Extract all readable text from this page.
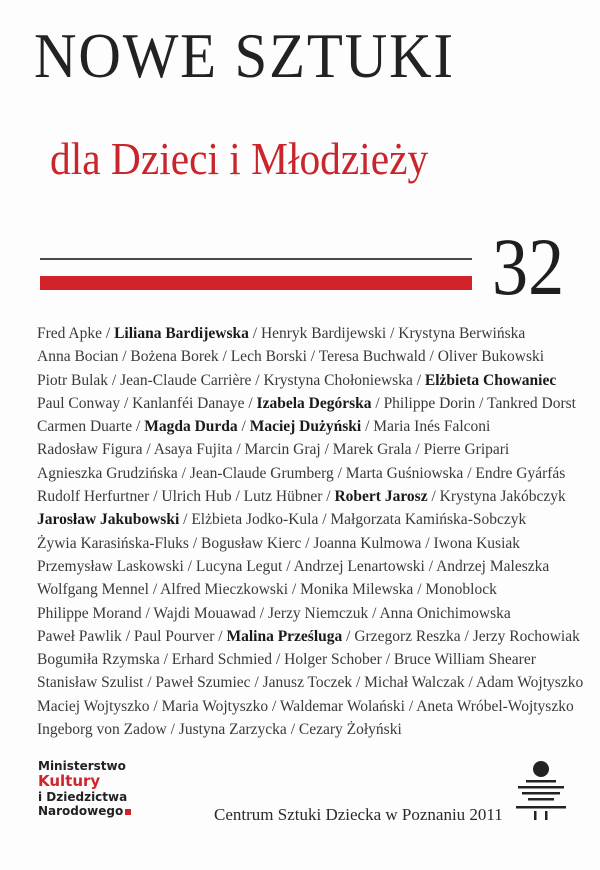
NOWE SZTUKI
dla Dzieci i Młodzieży
32
Fred Apke / Liliana Bardijewska / Henryk Bardijewski / Krystyna Berwińska
Anna Bocian / Bożena Borek / Lech Borski / Teresa Buchwald / Oliver Bukowski
Piotr Bulak / Jean-Claude Carrière / Krystyna Chołoniewska / Elżbieta Chowaniec
Paul Conway / Kanlanféi Danaye / Izabela Degórska / Philippe Dorin / Tankred Dorst
Carmen Duarte / Magda Durda / Maciej Dużyński / Maria Inés Falconi
Radosław Figura / Asaya Fujita / Marcin Graj / Marek Grala / Pierre Gripari
Agnieszka Grudzińska / Jean-Claude Grumberg / Marta Guśniowska / Endre Gyárfás
Rudolf Herfurtner / Ulrich Hub / Lutz Hübner / Robert Jarosz / Krystyna Jakóbczyk
Jarosław Jakubowski / Elżbieta Jodko-Kula / Małgorzata Kamińska-Sobczyk
Żywia Karasińska-Fluks / Bogusław Kierc / Joanna Kulmowa / Iwona Kusiak
Przemysław Laskowski / Lucyna Legut / Andrzej Lenartowski / Andrzej Maleszka
Wolfgang Mennel / Alfred Mieczkowski / Monika Milewska / Monoblock
Philippe Morand / Wajdi Mouawad / Jerzy Niemczuk / Anna Onichimowska
Paweł Pawlik / Paul Pourver / Malina Prześluga / Grzegorz Reszka / Jerzy Rochowiak
Bogumiła Rzymska / Erhard Schmied / Holger Schober / Bruce William Shearer
Stanisław Szulist / Paweł Szumiec / Janusz Toczek / Michał Walczak / Adam Wojtyszko
Maciej Wojtyszko / Maria Wojtyszko / Waldemar Wolański / Aneta Wróbel-Wojtyszko
Ingeborg von Zadow / Justyna Zarzycka / Cezary Żołyński
Ministerstwo
Kultury
i Dziedzictwa
Narodowego	Centrum Sztuki Dziecka w Poznaniu 2011
